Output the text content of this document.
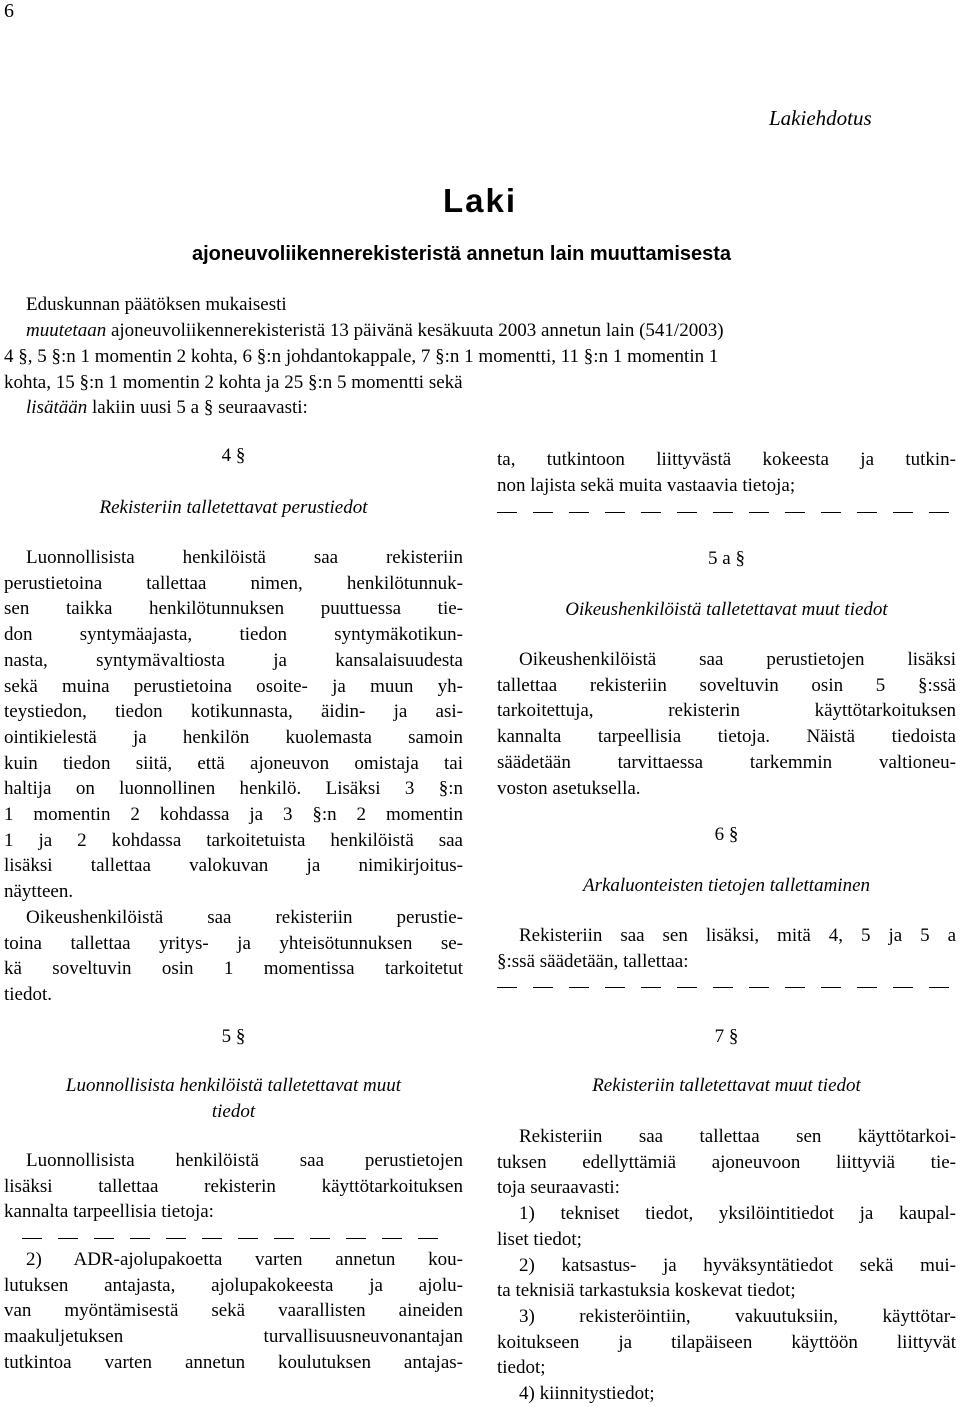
6
Lakiehdotus
Laki
ajoneuvoliikennerekisteristä annetun lain muuttamisesta
Eduskunnan päätöksen mukaisesti
muutetaan ajoneuvoliikennerekisteristä 13 päivänä kesäkuuta 2003 annetun lain (541/2003)
4 §, 5 §:n 1 momentin 2 kohta, 6 §:n johdantokappale, 7 §:n 1 momentti, 11 §:n 1 momentin 1
kohta, 15 §:n 1 momentin 2 kohta ja 25 §:n 5 momentti sekä
lisätään lakiin uusi 5 a § seuraavasti:
4 §
Rekisteriin talletettavat perustiedot
Luonnollisista henkilöistä saa rekisteriin
perustietoina tallettaa nimen, henkilötunnuk-
sen taikka henkilötunnuksen puuttuessa tie-
don syntymäajasta, tiedon syntymäkotikun-
nasta, syntymävaltiosta ja kansalaisuudesta
sekä muina perustietoina osoite- ja muun yh-
teystiedon, tiedon kotikunnasta, äidin- ja asi-
ointikielestä ja henkilön kuolemasta samoin
kuin tiedon siitä, että ajoneuvon omistaja tai
haltija on luonnollinen henkilö. Lisäksi 3 §:n
1 momentin 2 kohdassa ja 3 §:n 2 momentin
1 ja 2 kohdassa tarkoitetuista henkilöistä saa
lisäksi tallettaa valokuvan ja nimikirjoitus-
näytteen.
Oikeushenkilöistä saa rekisteriin perustie-
toina tallettaa yritys- ja yhteisötunnuksen se-
kä soveltuvin osin 1 momentissa tarkoitetut
tiedot.
5 §
Luonnollisista henkilöistä talletettavat muut
tiedot
Luonnollisista henkilöistä saa perustietojen
lisäksi tallettaa rekisterin käyttötarkoituksen
kannalta tarpeellisia tietoja:
2) ADR-ajolupakoetta varten annetun kou-
lutuksen antajasta, ajolupakokeesta ja ajolu-
van myöntämisestä sekä vaarallisten aineiden
maakuljetuksen turvallisuusneuvonantajan
tutkintoa varten annetun koulutuksen antajas-
ta, tutkintoon liittyvästä kokeesta ja tutkin-
non lajista sekä muita vastaavia tietoja;
5 a §
Oikeushenkilöistä talletettavat muut tiedot
Oikeushenkilöistä saa perustietojen lisäksi
tallettaa rekisteriin soveltuvin osin 5 §:ssä
tarkoitettuja, rekisterin käyttötarkoituksen
kannalta tarpeellisia tietoja. Näistä tiedoista
säädetään tarvittaessa tarkemmin valtioneu-
voston asetuksella.
6 §
Arkaluonteisten tietojen tallettaminen
Rekisteriin saa sen lisäksi, mitä 4, 5 ja 5 a
§:ssä säädetään, tallettaa:
7 §
Rekisteriin talletettavat muut tiedot
Rekisteriin saa tallettaa sen käyttötarkoi-
tuksen edellyttämiä ajoneuvoon liittyviä tie-
toja seuraavasti:
1) tekniset tiedot, yksilöintitiedot ja kaupal-
liset tiedot;
2) katsastus- ja hyväksyntätiedot sekä mui-
ta teknisiä tarkastuksia koskevat tiedot;
3) rekisteröintiin, vakuutuksiin, käyttötar-
koitukseen ja tilapäiseen käyttöön liittyvät
tiedot;
4) kiinnitystiedot;
